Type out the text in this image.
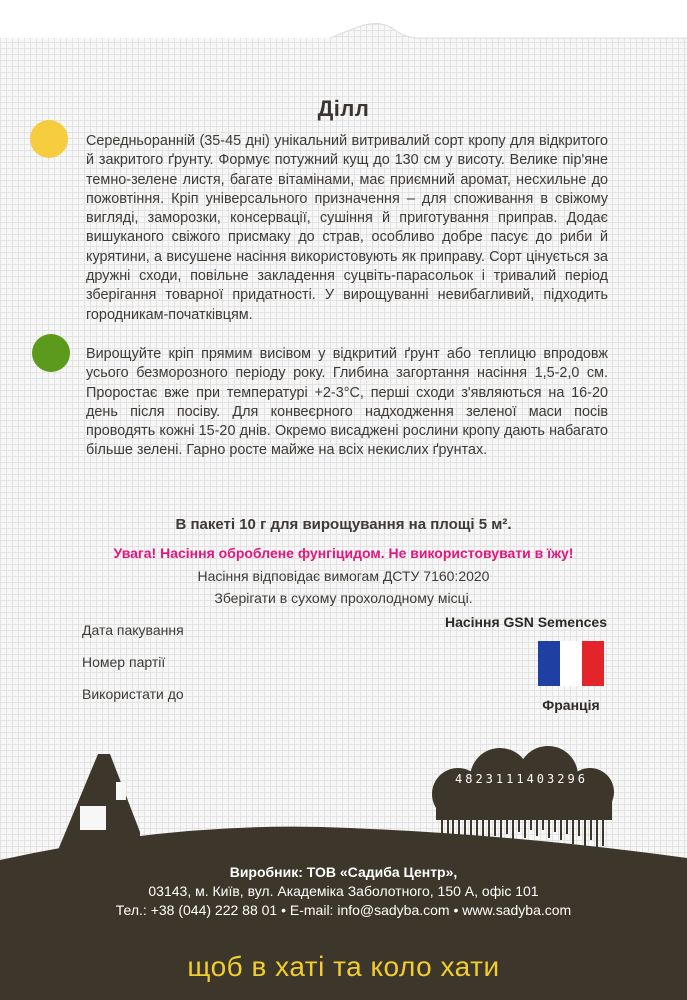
Ділл
Середньоранній (35-45 дні) унікальний витривалий сорт кропу для відкритого й закритого ґрунту. Формує потужний кущ до 130 см у висоту. Велике пір'яне темно-зелене листя, багате вітамінами, має приємний аромат, несхильне до пожовтіння. Кріп універсального призначення – для споживання в свіжому вигляді, заморозки, консервації, сушіння й приготування приправ. Додає вишуканого свіжого присмаку до страв, особливо добре пасує до риби й курятини, а висушене насіння використовують як приправу. Сорт цінується за дружні сходи, повільне закладення суцвіть-парасольок і тривалий період зберігання товарної придатності. У вирощуванні невибагливий, підходить городникам-початківцям.
Вирощуйте кріп прямим висівом у відкритий ґрунт або теплицю впродовж усього безморозного періоду року. Глибина загортання насіння 1,5-2,0 см. Проростає вже при температурі +2-3°С, перші сходи з'являються на 16-20 день після посіву. Для конвеєрного надходження зеленої маси посів проводять кожні 15-20 днів. Окремо висаджені рослини кропу дають набагато більше зелені. Гарно росте майже на всіх некислих ґрунтах.
В пакеті 10 г для вирощування на площі 5 м².
Увага! Насіння оброблене фунгіцидом. Не використовувати в їжу!
Насіння відповідає вимогам ДСТУ 7160:2020
Зберігати в сухому прохолодному місці.
Дата пакування
Номер партії
Використати до
Насіння GSN Semences
Франція
4823111403296
Виробник: ТОВ «Садиба Центр»,
03143, м. Київ, вул. Академіка Заболотного, 150 А, офіс 101
Тел.: +38 (044) 222 88 01 • E-mail: info@sadyba.com • www.sadyba.com
щоб в хаті та коло хати
